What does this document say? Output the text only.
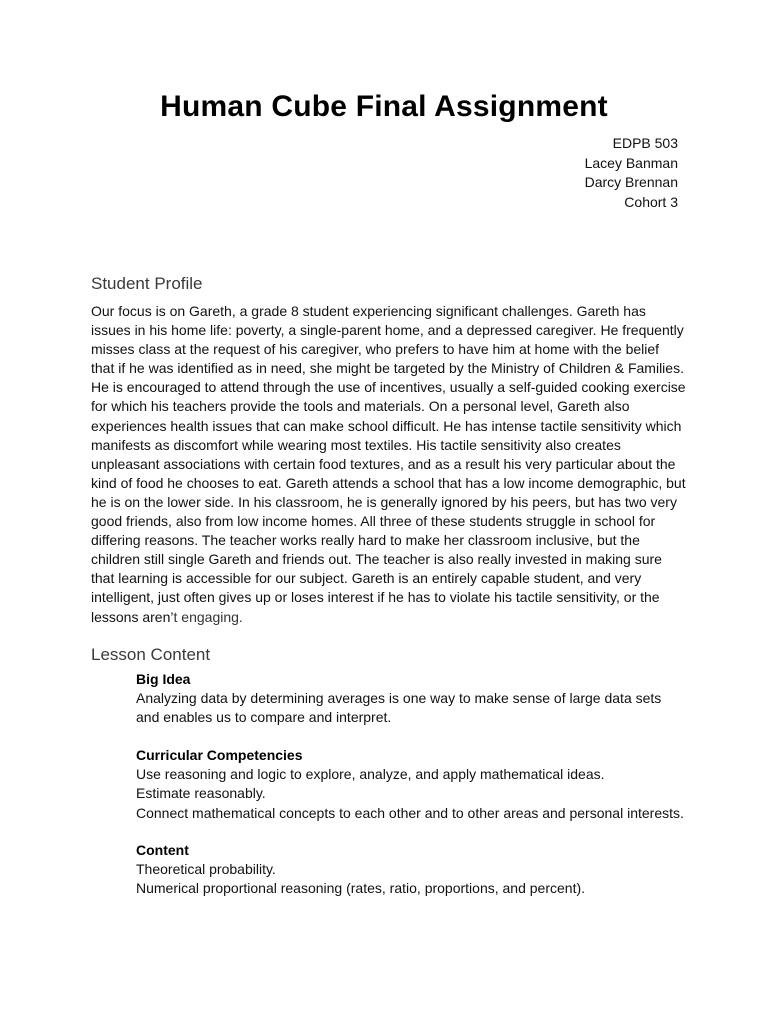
Human Cube Final Assignment
EDPB 503
Lacey Banman
Darcy Brennan
Cohort 3
Student Profile
Our focus is on Gareth, a grade 8 student experiencing significant challenges. Gareth has
issues in his home life: poverty, a single-parent home, and a depressed caregiver. He frequently
misses class at the request of his caregiver, who prefers to have him at home with the belief
that if he was identified as in need, she might be targeted by the Ministry of Children & Families.
He is encouraged to attend through the use of incentives, usually a self-guided cooking exercise
for which his teachers provide the tools and materials. On a personal level, Gareth also
experiences health issues that can make school difficult. He has intense tactile sensitivity which
manifests as discomfort while wearing most textiles. His tactile sensitivity also creates
unpleasant associations with certain food textures, and as a result his very particular about the
kind of food he chooses to eat. Gareth attends a school that has a low income demographic, but
he is on the lower side. In his classroom, he is generally ignored by his peers, but has two very
good friends, also from low income homes. All three of these students struggle in school for
differing reasons. The teacher works really hard to make her classroom inclusive, but the
children still single Gareth and friends out. The teacher is also really invested in making sure
that learning is accessible for our subject. Gareth is an entirely capable student, and very
intelligent, just often gives up or loses interest if he has to violate his tactile sensitivity, or the
lessons aren’t engaging.
Lesson Content
Big Idea
Analyzing data by determining averages is one way to make sense of large data sets
and enables us to compare and interpret.
Curricular Competencies
Use reasoning and logic to explore, analyze, and apply mathematical ideas.
Estimate reasonably.
Connect mathematical concepts to each other and to other areas and personal interests.
Content
Theoretical probability.
Numerical proportional reasoning (rates, ratio, proportions, and percent).
